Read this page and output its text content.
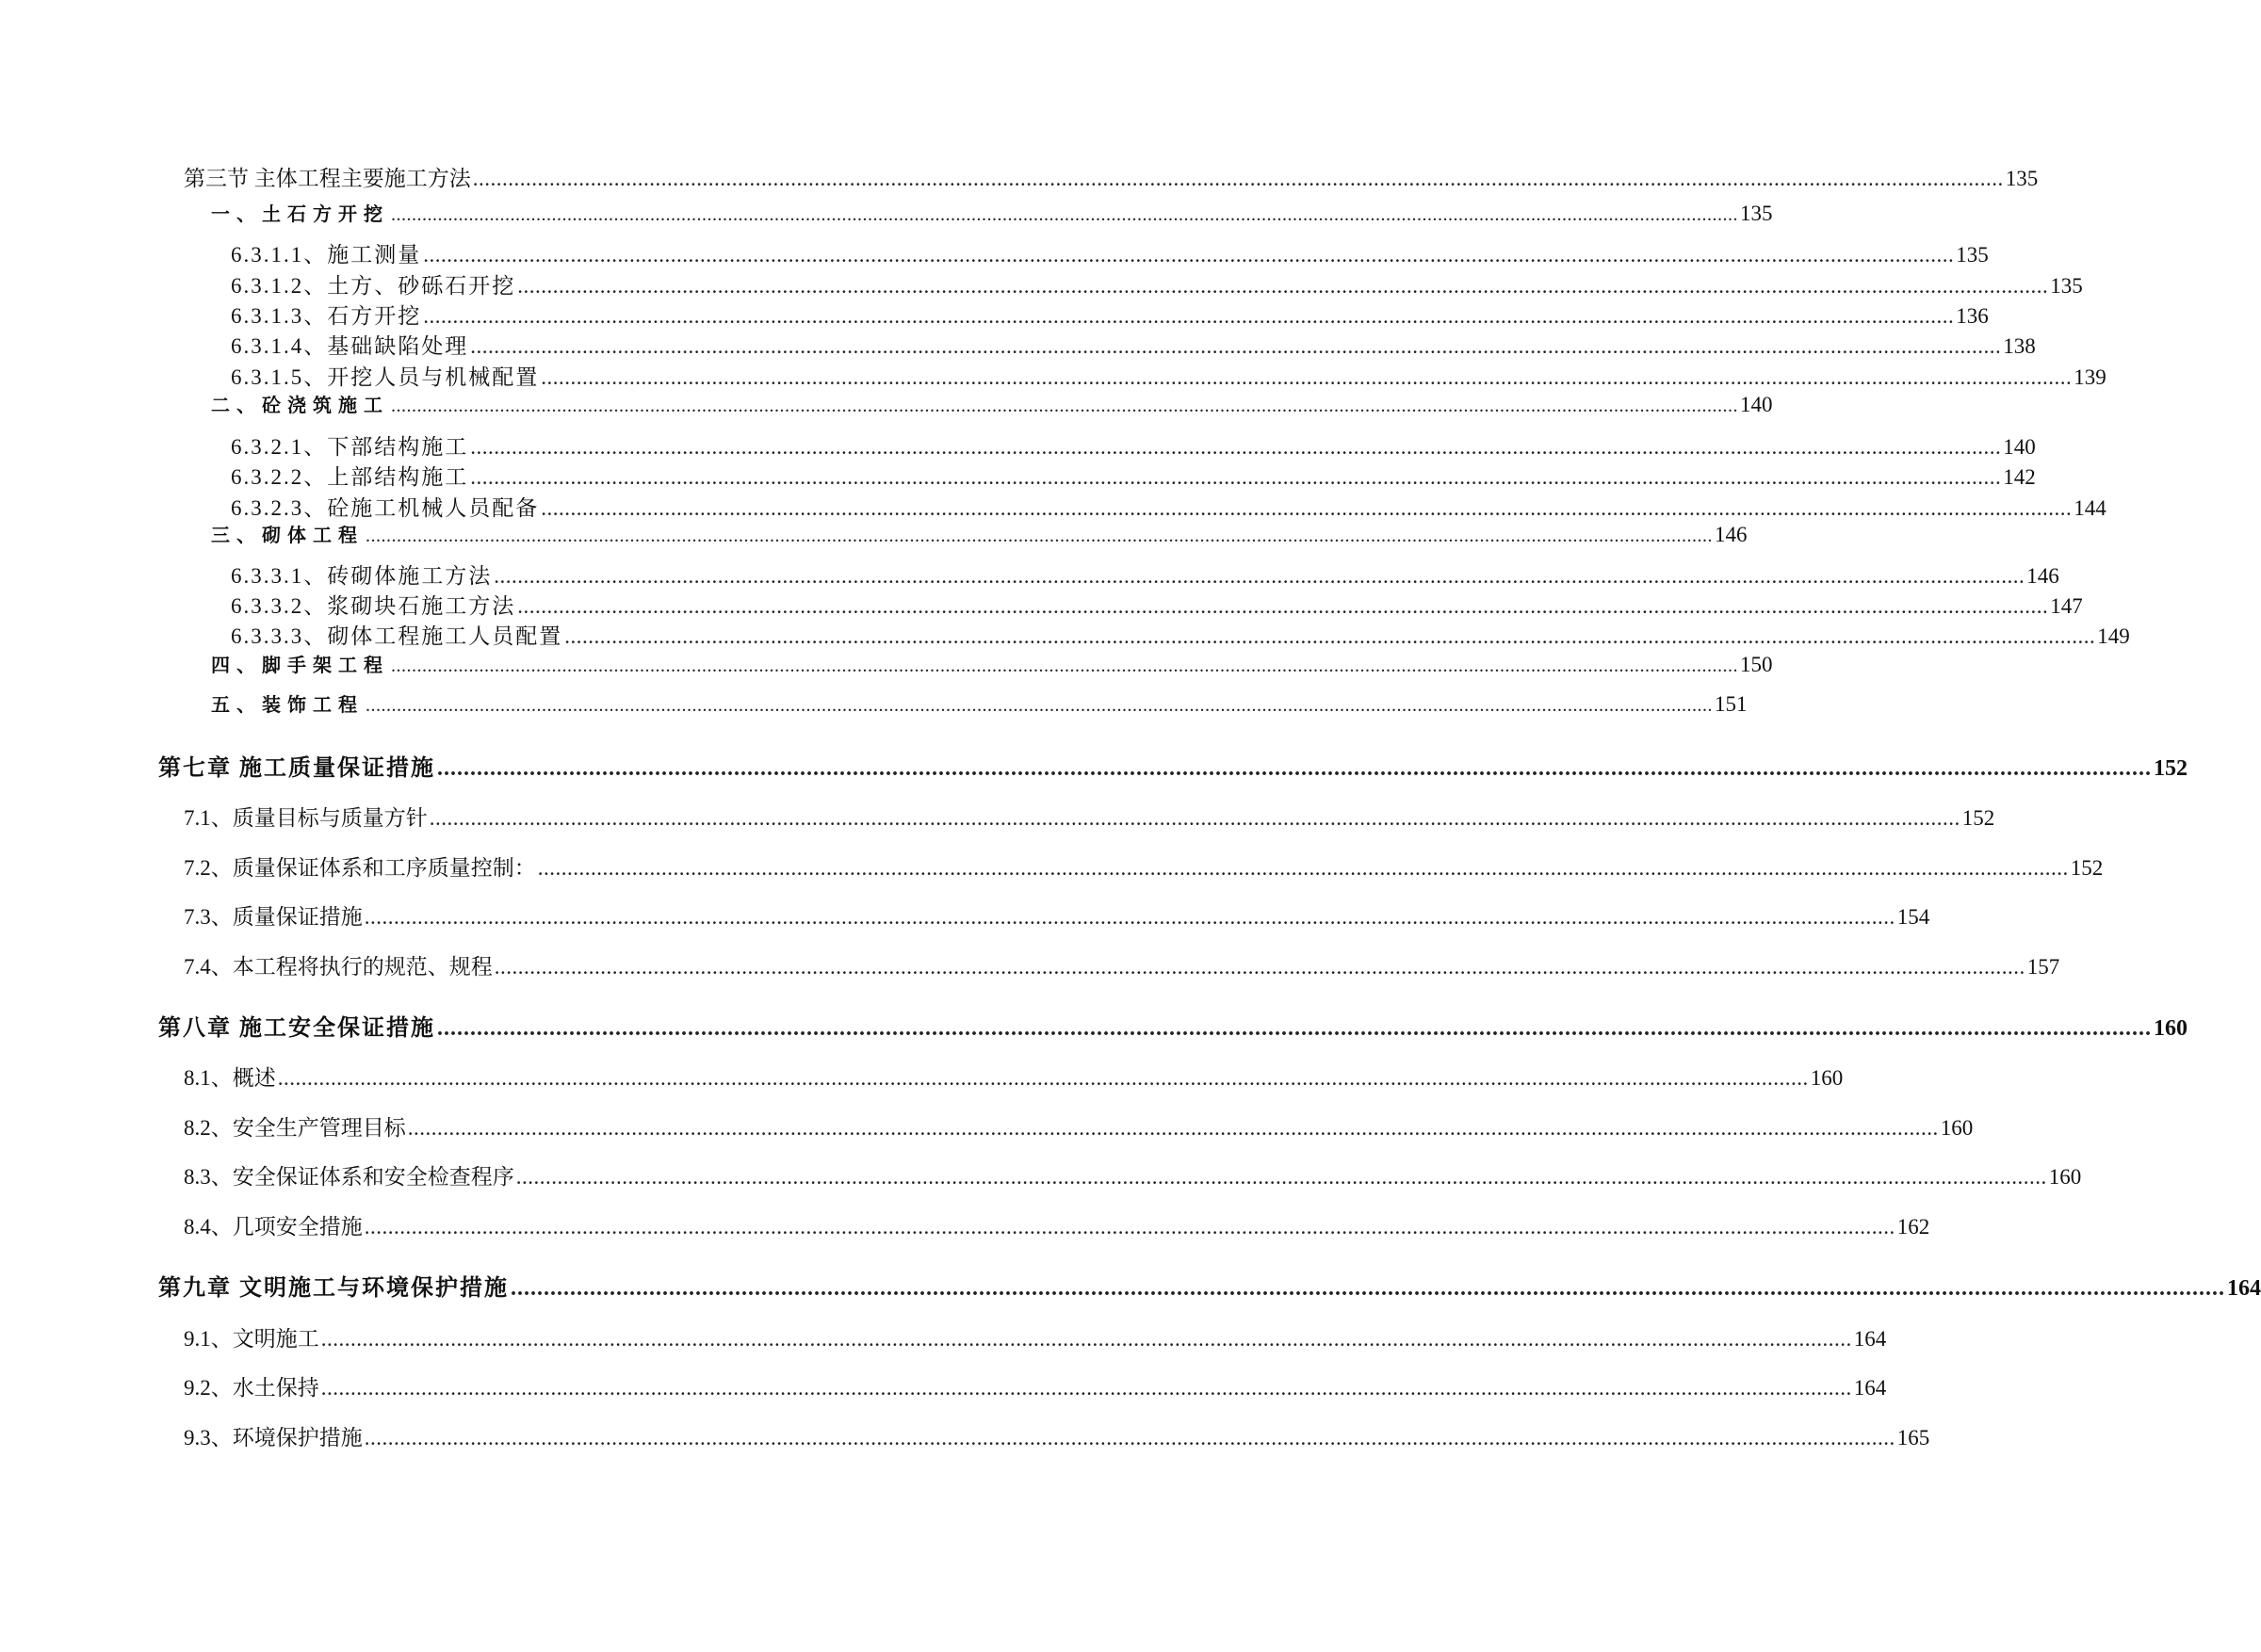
第三节 主体工程主要施工方法 .................................................................................................................................................................................................................................................................... 135
一、土石方开挖 .................................................................................................................................................................................................................................................................... 135
6.3.1.1、施工测量 .................................................................................................................................................................................................................................................................... 135
6.3.1.2、土方、砂砾石开挖 .................................................................................................................................................................................................................................................................... 135
6.3.1.3、石方开挖 .................................................................................................................................................................................................................................................................... 136
6.3.1.4、基础缺陷处理 .................................................................................................................................................................................................................................................................... 138
6.3.1.5、开挖人员与机械配置 .................................................................................................................................................................................................................................................................... 139
二、砼浇筑施工 .................................................................................................................................................................................................................................................................... 140
6.3.2.1、下部结构施工 .................................................................................................................................................................................................................................................................... 140
6.3.2.2、上部结构施工 .................................................................................................................................................................................................................................................................... 142
6.3.2.3、砼施工机械人员配备 .................................................................................................................................................................................................................................................................... 144
三、砌体工程 .................................................................................................................................................................................................................................................................... 146
6.3.3.1、砖砌体施工方法 .................................................................................................................................................................................................................................................................... 146
6.3.3.2、浆砌块石施工方法 .................................................................................................................................................................................................................................................................... 147
6.3.3.3、砌体工程施工人员配置 .................................................................................................................................................................................................................................................................... 149
四、脚手架工程 .................................................................................................................................................................................................................................................................... 150
五、装饰工程 .................................................................................................................................................................................................................................................................... 151
第七章 施工质量保证措施 .................................................................................................................................................................................................................................................................... 152
7.1、质量目标与质量方针 .................................................................................................................................................................................................................................................................... 152
7.2、质量保证体系和工序质量控制： .................................................................................................................................................................................................................................................................... 152
7.3、质量保证措施 .................................................................................................................................................................................................................................................................... 154
7.4、本工程将执行的规范、规程 .................................................................................................................................................................................................................................................................... 157
第八章 施工安全保证措施 .................................................................................................................................................................................................................................................................... 160
8.1、概述 .................................................................................................................................................................................................................................................................... 160
8.2、安全生产管理目标 .................................................................................................................................................................................................................................................................... 160
8.3、安全保证体系和安全检查程序 .................................................................................................................................................................................................................................................................... 160
8.4、几项安全措施 .................................................................................................................................................................................................................................................................... 162
第九章 文明施工与环境保护措施 .................................................................................................................................................................................................................................................................... 164
9.1、文明施工 .................................................................................................................................................................................................................................................................... 164
9.2、水土保持 .................................................................................................................................................................................................................................................................... 164
9.3、环境保护措施 .................................................................................................................................................................................................................................................................... 165
